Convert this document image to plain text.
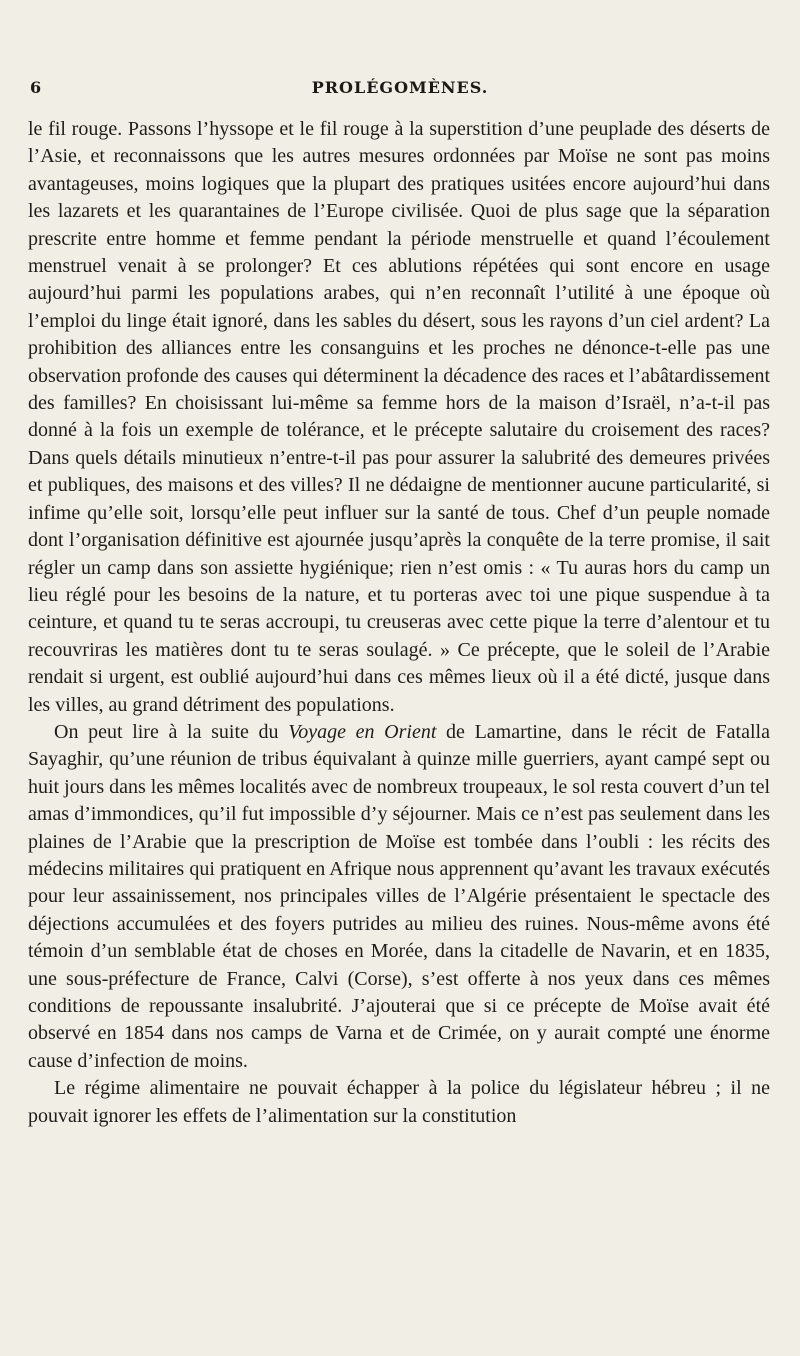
6	PROLÉGOMÈNES.

le fil rouge. Passons l’hyssope et le fil rouge à la superstition d’une peuplade des déserts de l’Asie, et reconnaissons que les autres mesures ordonnées par Moïse ne sont pas moins avantageuses, moins logiques que la plupart des pratiques usitées encore aujourd’hui dans les lazarets et les quarantaines de l’Europe civilisée. Quoi de plus sage que la séparation prescrite entre homme et femme pendant la période menstruelle et quand l’écoulement menstruel venait à se prolonger? Et ces ablutions répétées qui sont encore en usage aujourd’hui parmi les populations arabes, qui n’en reconnaît l’utilité à une époque où l’emploi du linge était ignoré, dans les sables du désert, sous les rayons d’un ciel ardent? La prohibition des alliances entre les consanguins et les proches ne dénonce-t-elle pas une observation profonde des causes qui déterminent la décadence des races et l’abâtardissement des familles? En choisissant lui-même sa femme hors de la maison d’Israël, n’a-t-il pas donné à la fois un exemple de tolérance, et le précepte salutaire du croisement des races? Dans quels détails minutieux n’entre-t-il pas pour assurer la salubrité des demeures privées et publiques, des maisons et des villes? Il ne dédaigne de mentionner aucune particularité, si infime qu’elle soit, lorsqu’elle peut influer sur la santé de tous. Chef d’un peuple nomade dont l’organisation définitive est ajournée jusqu’après la conquête de la terre promise, il sait régler un camp dans son assiette hygiénique; rien n’est omis : « Tu auras hors du camp un lieu réglé pour les besoins de la nature, et tu porteras avec toi une pique suspendue à ta ceinture, et quand tu te seras accroupi, tu creuseras avec cette pique la terre d’alentour et tu recouvriras les matières dont tu te seras soulagé. » Ce précepte, que le soleil de l’Arabie rendait si urgent, est oublié aujourd’hui dans ces mêmes lieux où il a été dicté, jusque dans les villes, au grand détriment des populations.

On peut lire à la suite du Voyage en Orient de Lamartine, dans le récit de Fatalla Sayaghir, qu’une réunion de tribus équivalant à quinze mille guerriers, ayant campé sept ou huit jours dans les mêmes localités avec de nombreux troupeaux, le sol resta couvert d’un tel amas d’immondices, qu’il fut impossible d’y séjourner. Mais ce n’est pas seulement dans les plaines de l’Arabie que la prescription de Moïse est tombée dans l’oubli : les récits des médecins militaires qui pratiquent en Afrique nous apprennent qu’avant les travaux exécutés pour leur assainissement, nos principales villes de l’Algérie présentaient le spectacle des déjections accumulées et des foyers putrides au milieu des ruines. Nous-même avons été témoin d’un semblable état de choses en Morée, dans la citadelle de Navarin, et en 1835, une sous-préfecture de France, Calvi (Corse), s’est offerte à nos yeux dans ces mêmes conditions de repoussante insalubrité. J’ajouterai que si ce précepte de Moïse avait été observé en 1854 dans nos camps de Varna et de Crimée, on y aurait compté une énorme cause d’infection de moins.

Le régime alimentaire ne pouvait échapper à la police du législateur hébreu ; il ne pouvait ignorer les effets de l’alimentation sur la constitution
